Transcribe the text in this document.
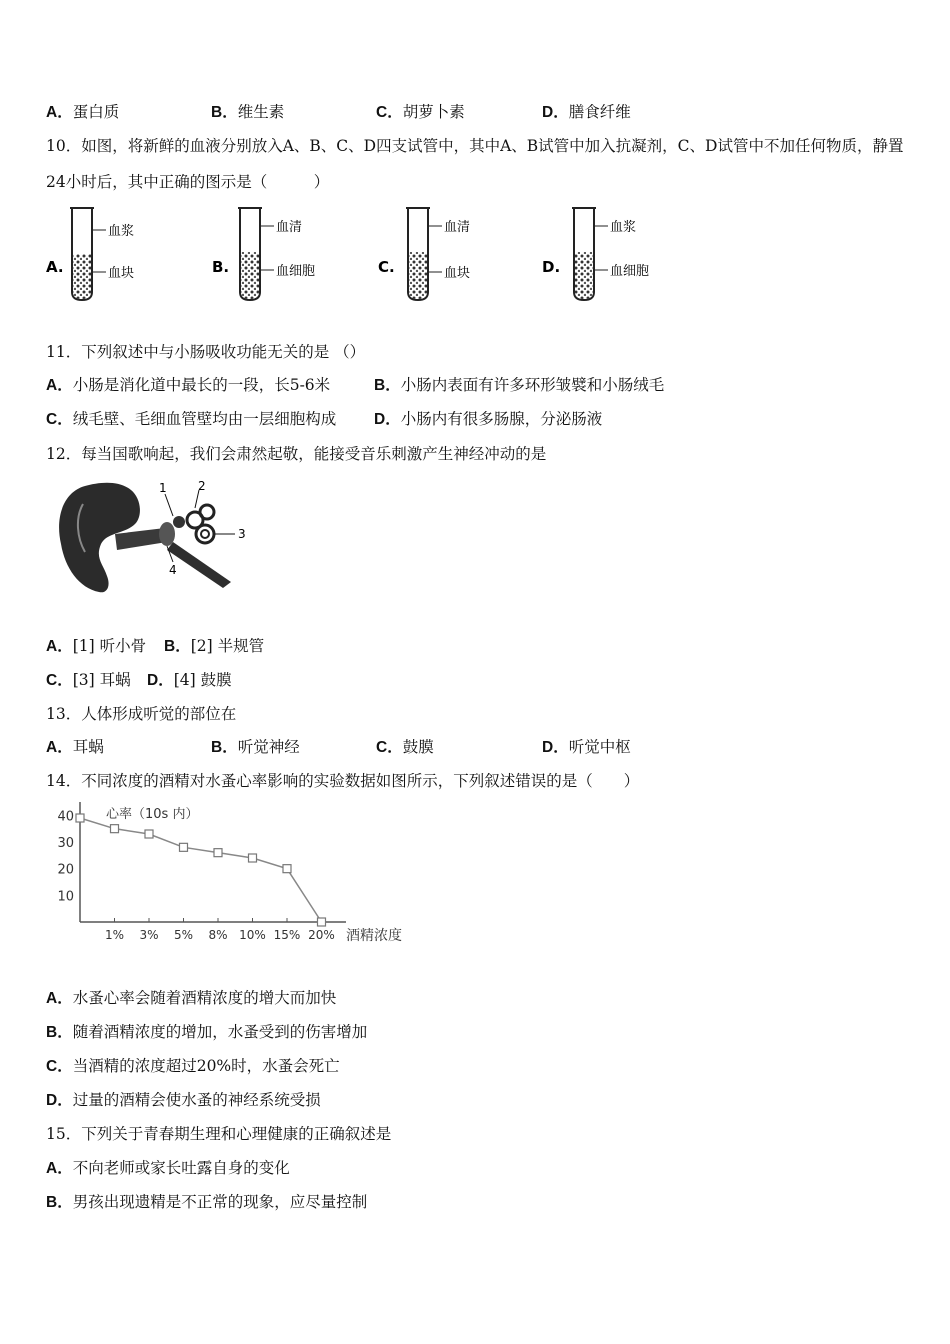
A．蛋白质	B．维生素	C．胡萝卜素	D．膳食纤维
10．如图，将新鲜的血液分别放入A、B、C、D四支试管中，其中A、B试管中加入抗凝剂，C、D试管中不加任何物质，静置24小时后，其中正确的图示是（　　　）
A.
血浆
血块	B.
血清
血细胞	C.
血清
血块	D.
血浆
血细胞
11．下列叙述中与小肠吸收功能无关的是 （）
A．小肠是消化道中最长的一段，长5-6米	B．小肠内表面有许多环形皱襞和小肠绒毛
C．绒毛壁、毛细血管壁均由一层细胞构成 D．小肠内有很多肠腺，分泌肠液
12．每当国歌响起，我们会肃然起敬，能接受音乐刺激产生神经冲动的是
1	2
3
4
A．[1] 听小骨 B．[2] 半规管
C．[3] 耳蜗 D．[4] 鼓膜
13．人体形成听觉的部位在
A．耳蜗	B．听觉神经	C．鼓膜	D．听觉中枢
14．不同浓度的酒精对水蚤心率影响的实验数据如图所示，下列叙述错误的是（　　）
心率（10s 内）
酒精浓度
10
20
30
40
1% 3% 5% 8% 10% 15% 20%
A．水蚤心率会随着酒精浓度的增大而加快
B．随着酒精浓度的增加，水蚤受到的伤害增加
C．当酒精的浓度超过20%时，水蚤会死亡
D．过量的酒精会使水蚤的神经系统受损
15．下列关于青春期生理和心理健康的正确叙述是
A．不向老师或家长吐露自身的变化
B．男孩出现遗精是不正常的现象，应尽量控制
